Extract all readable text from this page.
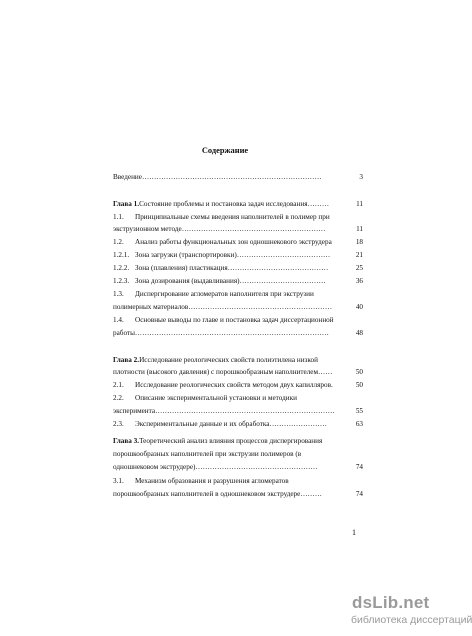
Содержание
Введение…………………………………………………………………	3
Глава 1.Состояние проблемы и постановка задач исследования………	11
1.1. Принципиальные схемы введения наполнителей в полимер при
экструзионном методе……………………………………………………	11
1.2. Анализ работы функциональных зон одношнекового экструдера	18
1.2.1. Зона загрузки (транспортировки)…………………………………	21
1.2.2. Зона (плавления) пластикация……………………………………	25
1.2.3. Зона дозирования (выдавливания)………………………………	36
1.3. Диспергирование агломератов наполнителя при экструзии
полимерных материалов……………………………………………………	40
1.4. Основные выводы по главе и постановка задач диссертационной
работы………………………………………………………………………	48
Глава 2.Исследование реологических свойств полиэтилена низкой
плотности (высокого давления) с порошкообразным наполнителем……	50
2.1. Исследование реологических свойств методом двух капилляров.	50
2.2. Описание экспериментальной установки и методики
эксперимента…………………………………………………………………	55
2.3. Экспериментальные данные и их обработка……………………	63
Глава 3.Теоретический анализ влияния процессов диспергирования
порошкообразных наполнителей при экструзии полимеров (в
одношнековом экструдере)……………………………………………	74
3.1. Механизм образования и разрушения агломератов
порошкообразных наполнителей в одношнековом экструдере………	74
1
dsLib.net
библиотека диссертаций
